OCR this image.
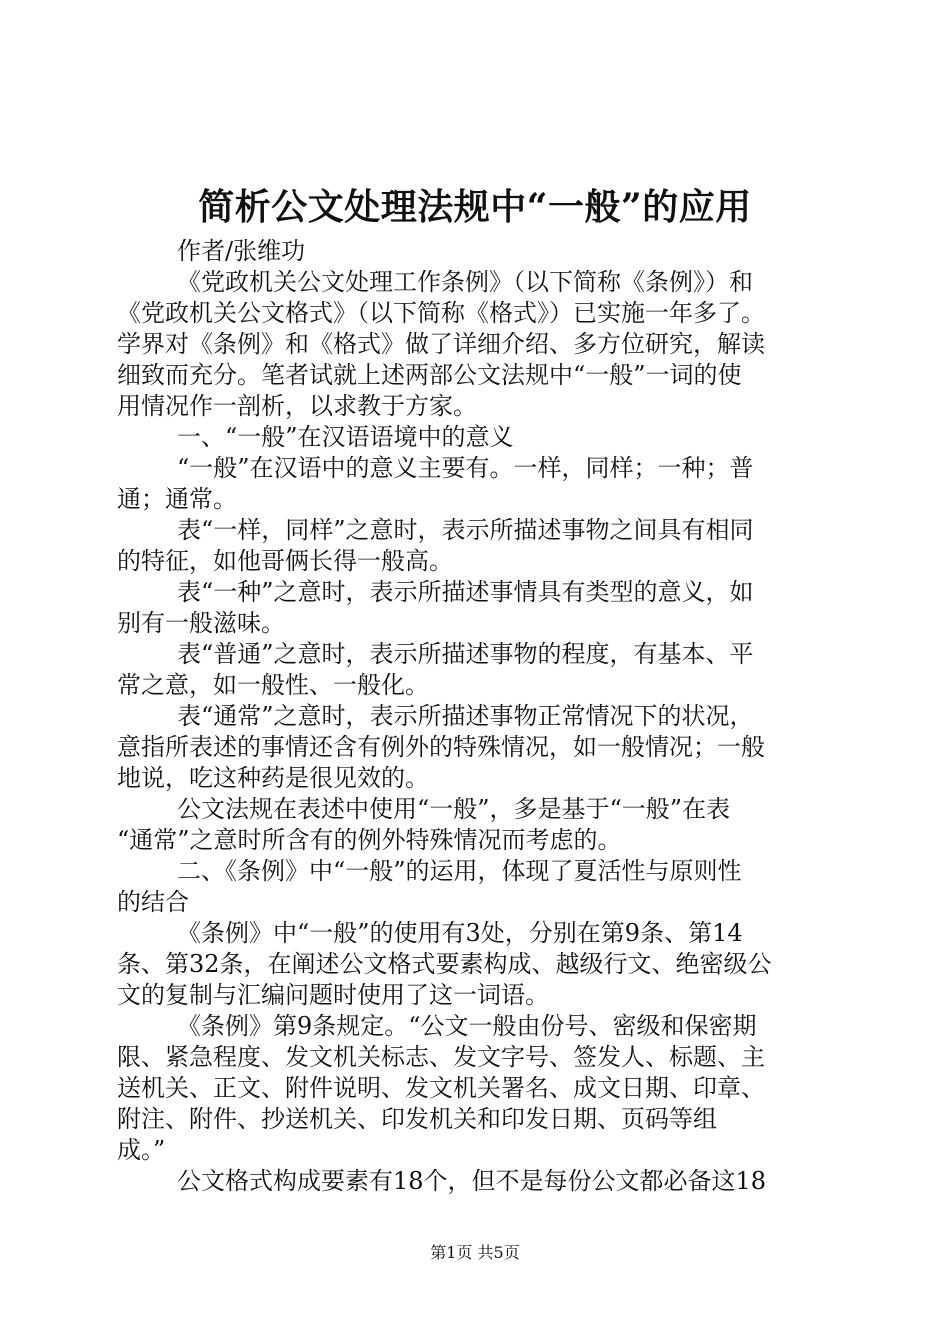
简析公文处理法规中“一般”的应用
作者/张维功
《党政机关公文处理工作条例》（以下简称《条例》）和
《党政机关公文格式》（以下简称《格式》）已实施一年多了。
学界对《条例》和《格式》做了详细介绍、多方位研究，解读
细致而充分。笔者试就上述两部公文法规中“一般”一词的使
用情况作一剖析，以求教于方家。
一、“一般”在汉语语境中的意义
“一般”在汉语中的意义主要有。一样，同样；一种；普
通；通常。
表“一样，同样”之意时，表示所描述事物之间具有相同
的特征，如他哥俩长得一般高。
表“一种”之意时，表示所描述事情具有类型的意义，如
别有一般滋味。
表“普通”之意时，表示所描述事物的程度，有基本、平
常之意，如一般性、一般化。
表“通常”之意时，表示所描述事物正常情况下的状况，
意指所表述的事情还含有例外的特殊情况，如一般情况；一般
地说，吃这种药是很见效的。
公文法规在表述中使用“一般”，多是基于“一般”在表
“通常”之意时所含有的例外特殊情况而考虑的。
二、《条例》中“一般”的运用，体现了夏活性与原则性
的结合
《条例》中“一般”的使用有3处，分别在第9条、第14
条、第32条，在阐述公文格式要素构成、越级行文、绝密级公
文的复制与汇编问题时使用了这一词语。
《条例》第9条规定。“公文一般由份号、密级和保密期
限、紧急程度、发文机关标志、发文字号、签发人、标题、主
送机关、正文、附件说明、发文机关署名、成文日期、印章、
附注、附件、抄送机关、印发机关和印发日期、页码等组
成。”
公文格式构成要素有18个，但不是每份公文都必备这18
第1页 共5页
